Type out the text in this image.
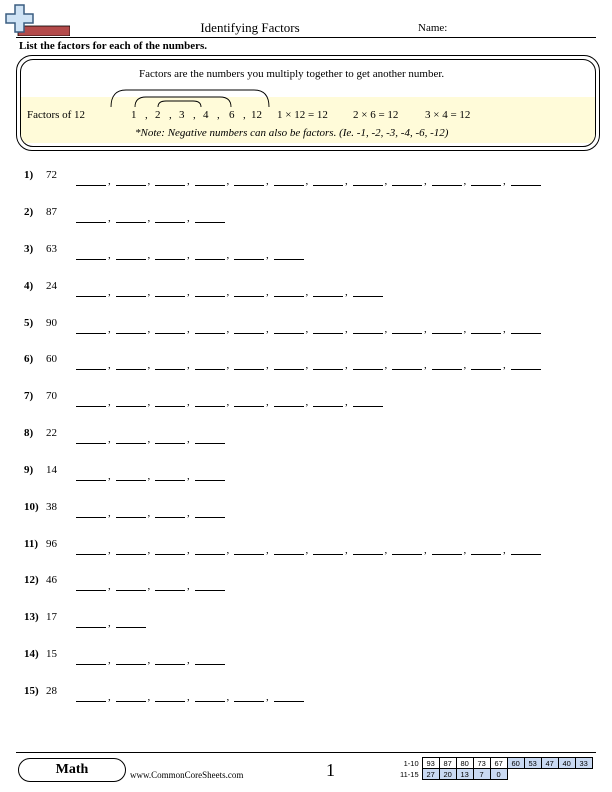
Identifying Factors	Name:
List the factors for each of the numbers.
Factors are the numbers you multiply together to get another number.
Factors of 12	1 , 2 , 3 , 4 , 6 , 12 1 × 12 = 12 2 × 6 = 12 3 × 4 = 12
*Note: Negative numbers can also be factors. (Ie. -1, -2, -3, -4, -6, -12)
1) 72	,	,	,	,	,	,	,	,	,	,	,
2) 87	,	,	,
3) 63	,	,	,	,	,
4) 24	,	,	,	,	,	,	,
5) 90	,	,	,	,	,	,	,	,	,	,	,
6) 60	,	,	,	,	,	,	,	,	,	,	,
7) 70	,	,	,	,	,	,	,
8) 22	,	,	,
9) 14	,	,	,
10) 38	,	,	,
11) 96	,	,	,	,	,	,	,	,	,	,	,
12) 46	,	,	,
13) 17	,
14) 15	,	,	,
15) 28	,	,	,	,	,
Math	www.CommonCoreSheets.com	1	1-10	93	87	80	73	67	60	53	47	40	33
11-15	27	20	13	7	0					
